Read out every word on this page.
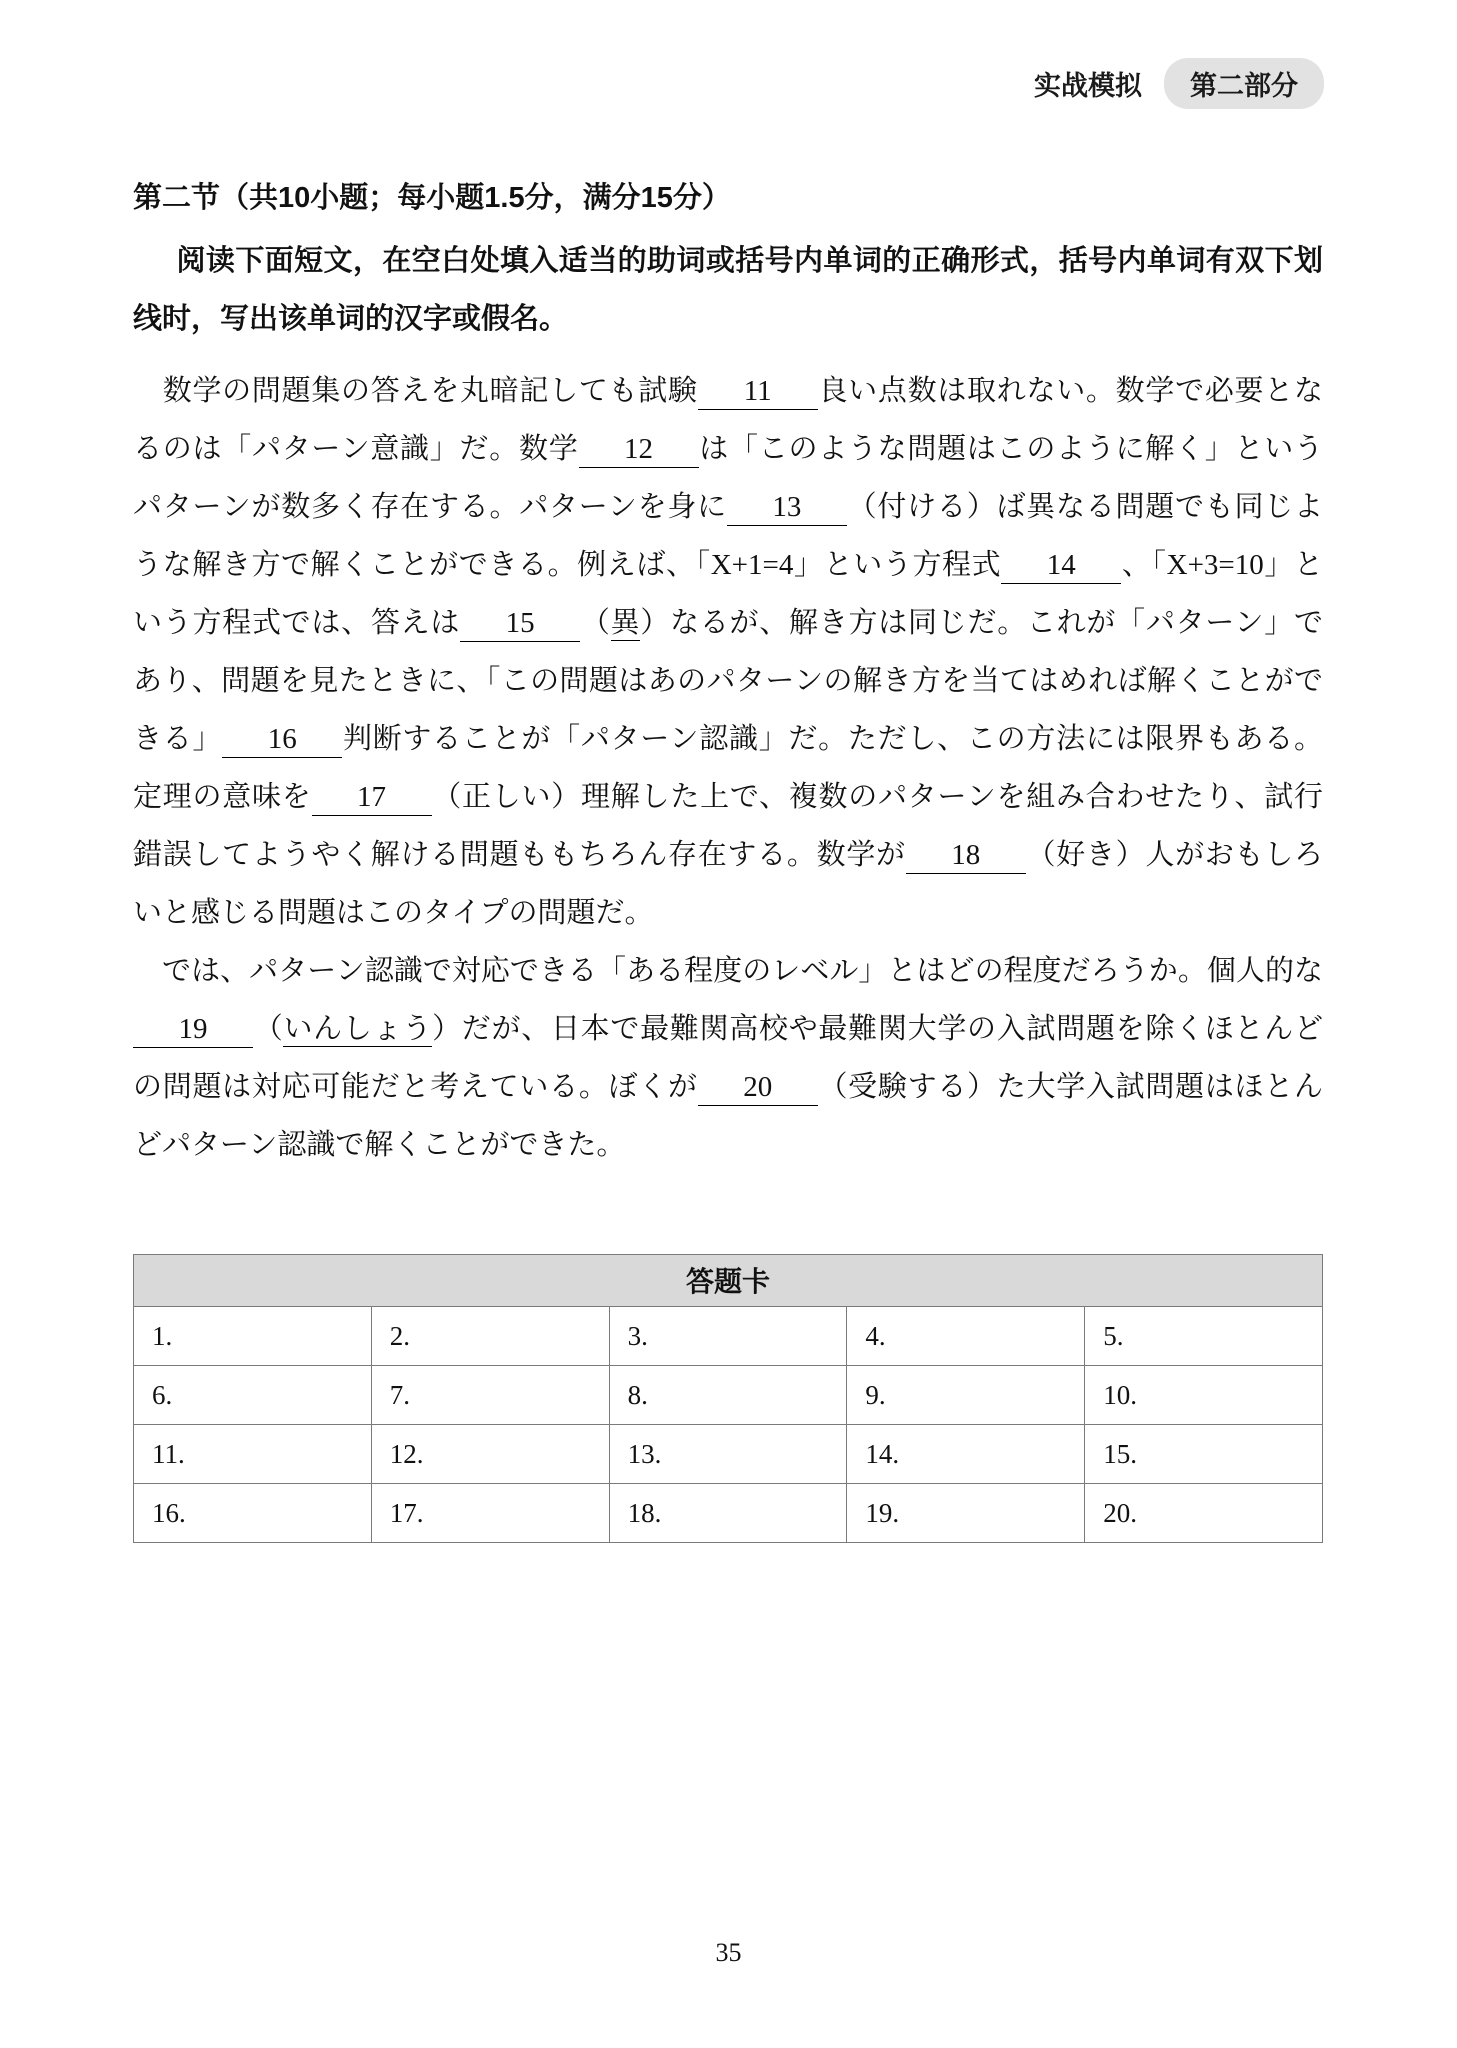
实战模拟	第二部分
第二节（共10小题；每小题1.5分，满分15分）

阅读下面短文，在空白处填入适当的助词或括号内单词的正确形式，括号内单词有双下划线时，写出该单词的汉字或假名。

　数学の問題集の答えを丸暗記しても試験 11 良い点数は取れない。数学で必要となるのは「パターン意識」だ。数学 12 は「このような問題はこのように解く」というパターンが数多く存在する。パターンを身に 13 （付ける）ば異なる問題でも同じような解き方で解くことができる。例えば、「X+1=4」という方程式 14 、「X+3=10」という方程式では、答えは 15 （異）なるが、解き方は同じだ。これが「パターン」であり、問題を見たときに、「この問題はあのパターンの解き方を当てはめれば解くことができる」 16 判断することが「パターン認識」だ。ただし、この方法には限界もある。定理の意味を 17 （正しい）理解した上で、複数のパターンを組み合わせたり、試行錯誤してようやく解ける問題ももちろん存在する。数学が 18 （好き）人がおもしろいと感じる問題はこのタイプの問題だ。

　では、パターン認識で対応できる「ある程度のレベル」とはどの程度だろうか。個人的な19 （いんしょう）だが、日本で最難関高校や最難関大学の入試問題を除くほとんどの問題は対応可能だと考えている。ぼくが 20 （受験する）た大学入試問題はほとんどパターン認識で解くことができた。

答题卡				
1.	2.	3.	4.	5.
6.	7.	8.	9.	10.
11.	12.	13.	14.	15.
16.	17.	18.	19.	20.
35
